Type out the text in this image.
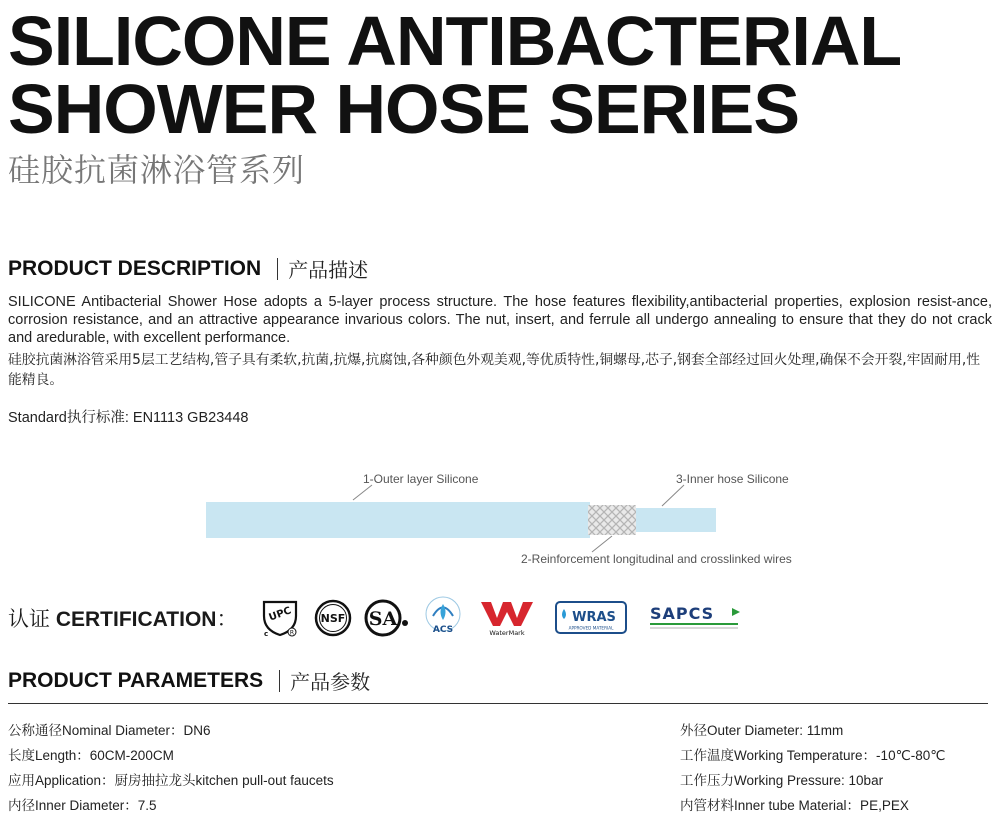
SILICONE ANTIBACTERIAL
SHOWER HOSE SERIES
硅胶抗菌淋浴管系列
PRODUCT DESCRIPTION 产品描述

SILICONE Antibacterial Shower Hose adopts a 5-layer process structure. The hose features flexibility,antibacterial properties, explosion resist-ance, corrosion resistance, and an attractive appearance invarious colors. The nut, insert, and ferrule all undergo annealing to ensure that they do not crack and aredurable, with excellent performance.

硅胶抗菌淋浴管采用5层工艺结构,管子具有柔软,抗菌,抗爆,抗腐蚀,各种颜色外观美观,等优质特性,铜螺母,芯子,钢套全部经过回火处理,确保不会开裂,牢固耐用,性能精良。

Standard执行标准: EN1113 GB23448
1-Outer layer Silicone	3-Inner hose Silicone
2-Reinforcement longitudinal and crosslinked wires
认证 CERTIFICATION：	UPC
R
c
NSF SA	ACS	WaterMark
WRAS
APPROVED MATERIAL
SAPCS
PRODUCT PARAMETERS 产品参数
公称通径Nominal Diameter：DN6
长度Length：60CM-200CM
应用Application：厨房抽拉龙头kitchen pull-out faucets
内径Inner Diameter：7.5
外径Outer Diameter: 11mm
工作温度Working Temperature：-10℃-80℃
工作压力Working Pressure: 10bar
内管材料Inner tube Material：PE,PEX
